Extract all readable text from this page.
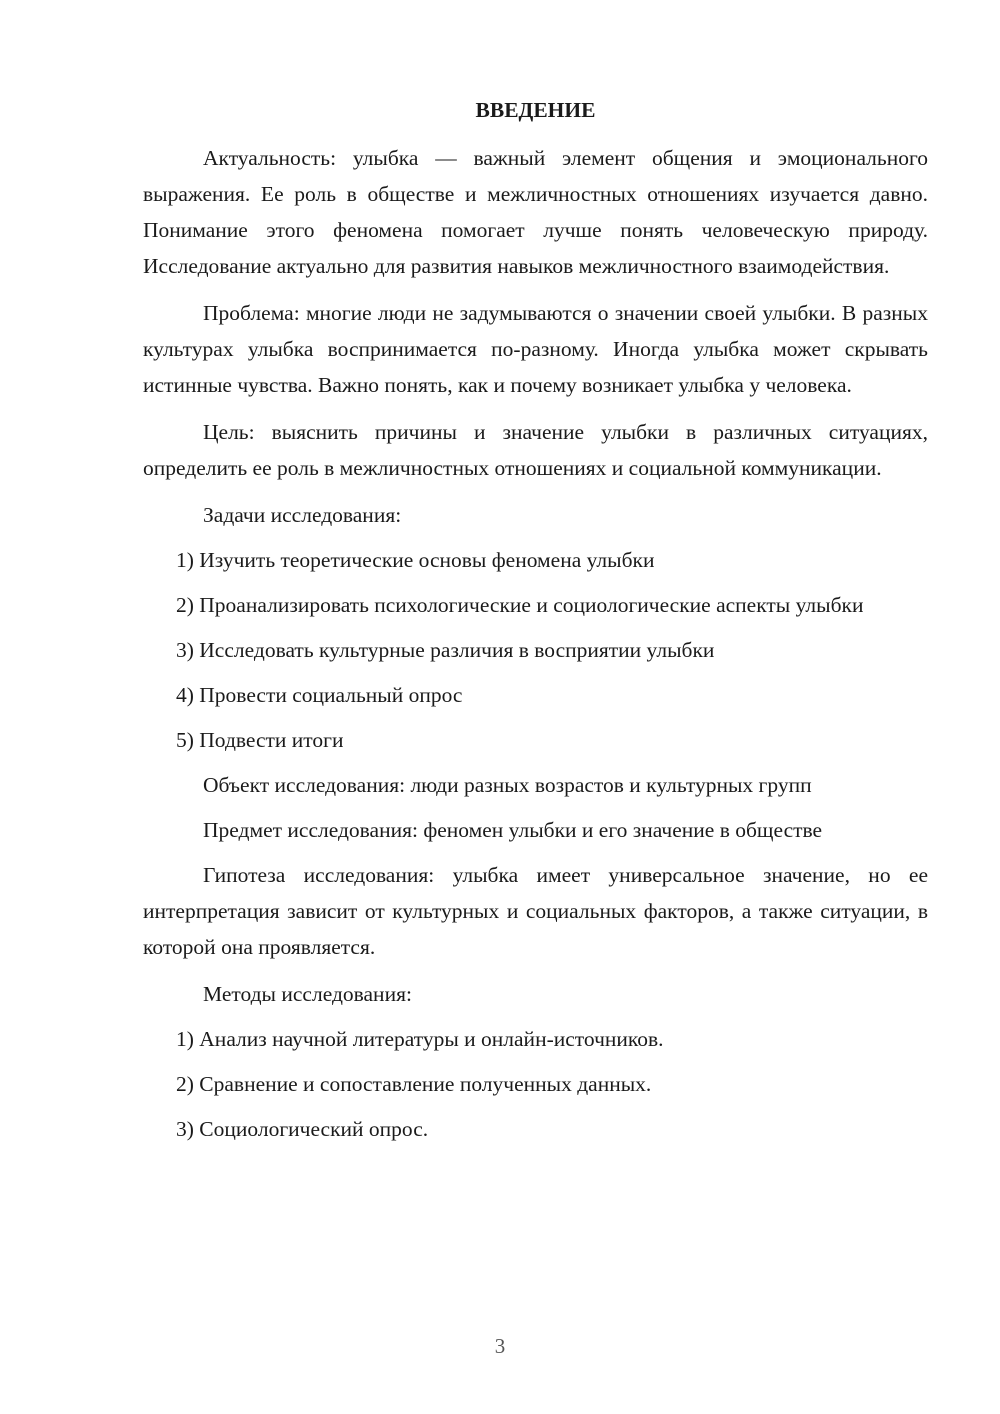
ВВЕДЕНИЕ

Актуальность: улыбка — важный элемент общения и эмоционального выражения. Ее роль в обществе и межличностных отношениях изучается давно. Понимание этого феномена помогает лучше понять человеческую природу. Исследование актуально для развития навыков межличностного взаимодействия.

Проблема: многие люди не задумываются о значении своей улыбки. В разных культурах улыбка воспринимается по-разному. Иногда улыбка может скрывать истинные чувства. Важно понять, как и почему возникает улыбка у человека.

Цель: выяснить причины и значение улыбки в различных ситуациях, определить ее роль в межличностных отношениях и социальной коммуникации.

Задачи исследования:

1) Изучить теоретические основы феномена улыбки

2) Проанализировать психологические и социологические аспекты улыбки

3) Исследовать культурные различия в восприятии улыбки

4) Провести социальный опрос

5) Подвести итоги

Объект исследования: люди разных возрастов и культурных групп

Предмет исследования: феномен улыбки и его значение в обществе

Гипотеза исследования: улыбка имеет универсальное значение, но ее интерпретация зависит от культурных и социальных факторов, а также ситуации, в которой она проявляется.

Методы исследования:

1) Анализ научной литературы и онлайн-источников.

2) Сравнение и сопоставление полученных данных.

3) Социологический опрос.

3
